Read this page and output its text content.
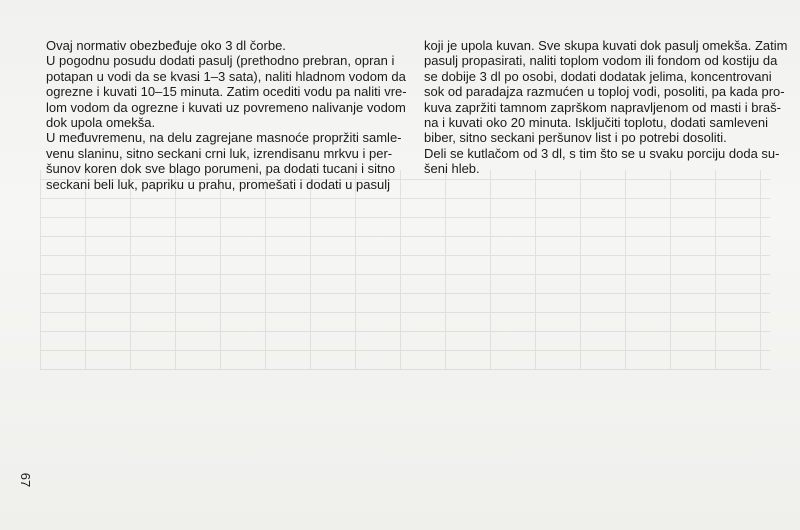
Ovaj normativ obezbeđuje oko 3 dl čorbe.
U pogodnu posudu dodati pasulj (prethodno prebran, opran i
potapan u vodi da se kvasi 1–3 sata), naliti hladnom vodom da
ogrezne i kuvati 10–15 minuta. Zatim ocediti vodu pa naliti vre-
lom vodom da ogrezne i kuvati uz povremeno nalivanje vodom
dok upola omekša.
U međuvremenu, na delu zagrejane masnoće propržiti samle-
venu slaninu, sitno seckani crni luk, izrendisanu mrkvu i per-
šunov koren dok sve blago porumeni, pa dodati tucani i sitno
seckani beli luk, papriku u prahu, promešati i dodati u pasulj
koji je upola kuvan. Sve skupa kuvati dok pasulj omekša. Zatim
pasulj propasirati, naliti toplom vodom ili fondom od kostiju da
se dobije 3 dl po osobi, dodati dodatak jelima, koncentrovani
sok od paradajza razmućen u toploj vodi, posoliti, pa kada pro-
kuva zapržiti tamnom zaprškom napravljenom od masti i braš-
na i kuvati oko 20 minuta. Isključiti toplotu, dodati samleveni
biber, sitno seckani peršunov list i po potrebi dosoliti.
Deli se kutlačom od 3 dl, s tim što se u svaku porciju doda su-
šeni hleb.
67
